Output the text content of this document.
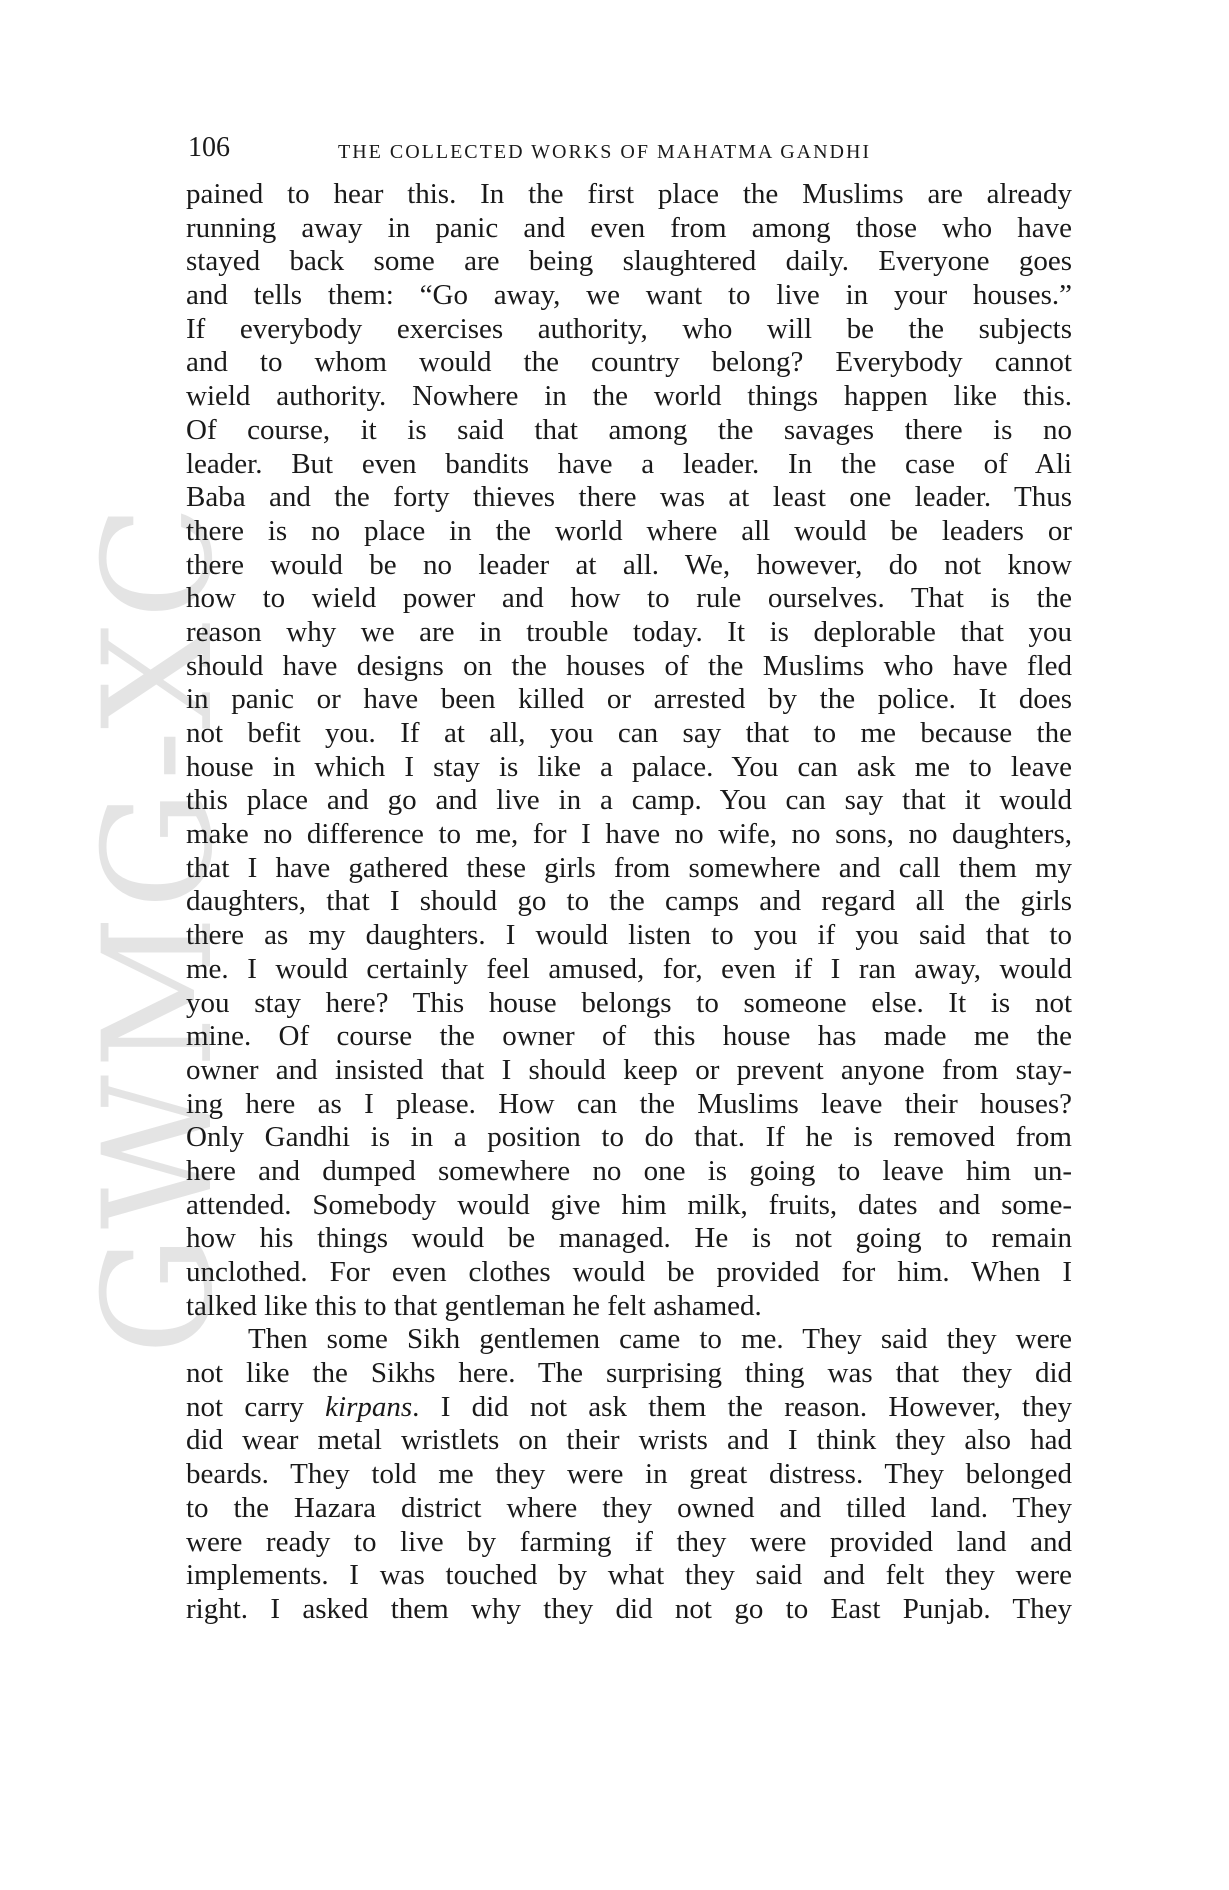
GWMG-XC
106	THE COLLECTED WORKS OF MAHATMA GANDHI
pained to hear this. In the first place the Muslims are already
running away in panic and even from among those who have
stayed back some are being slaughtered daily. Everyone goes
and tells them: “Go away, we want to live in your houses.”
If everybody exercises authority, who will be the subjects
and to whom would the country belong? Everybody cannot
wield authority. Nowhere in the world things happen like this.
Of course, it is said that among the savages there is no
leader. But even bandits have a leader. In the case of Ali
Baba and the forty thieves there was at least one leader. Thus
there is no place in the world where all would be leaders or
there would be no leader at all. We, however, do not know
how to wield power and how to rule ourselves. That is the
reason why we are in trouble today. It is deplorable that you
should have designs on the houses of the Muslims who have fled
in panic or have been killed or arrested by the police. It does
not befit you. If at all, you can say that to me because the
house in which I stay is like a palace. You can ask me to leave
this place and go and live in a camp. You can say that it would
make no difference to me, for I have no wife, no sons, no daughters,
that I have gathered these girls from somewhere and call them my
daughters, that I should go to the camps and regard all the girls
there as my daughters. I would listen to you if you said that to
me. I would certainly feel amused, for, even if I ran away, would
you stay here? This house belongs to someone else. It is not
mine. Of course the owner of this house has made me the
owner and insisted that I should keep or prevent anyone from stay-
ing here as I please. How can the Muslims leave their houses?
Only Gandhi is in a position to do that. If he is removed from
here and dumped somewhere no one is going to leave him un-
attended. Somebody would give him milk, fruits, dates and some-
how his things would be managed. He is not going to remain
unclothed. For even clothes would be provided for him. When I
talked like this to that gentleman he felt ashamed.
Then some Sikh gentlemen came to me. They said they were
not like the Sikhs here. The surprising thing was that they did
not carry kirpans. I did not ask them the reason. However, they
did wear metal wristlets on their wrists and I think they also had
beards. They told me they were in great distress. They belonged
to the Hazara district where they owned and tilled land. They
were ready to live by farming if they were provided land and
implements. I was touched by what they said and felt they were
right. I asked them why they did not go to East Punjab. They
